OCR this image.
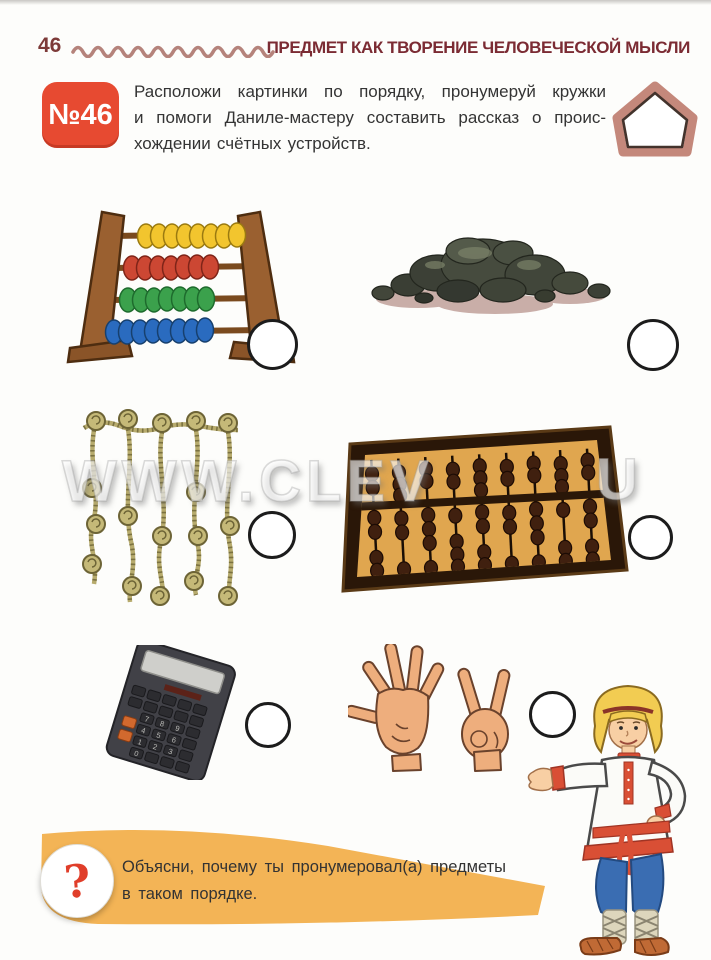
46	ПРЕДМЕТ КАК ТВОРЕНИЕ ЧЕЛОВЕЧЕСКОЙ МЫСЛИ
№46
Расположи картинки по порядку, пронумеруй кружки
и помоги Даниле-мастеру составить рассказ о проис-
хождении счётных устройств.
WWW.CLEV	U
7 8 9
4 5 6
1 2 3
0
? Объясни, почему ты пронумеровал(а) предметы
в таком порядке.
